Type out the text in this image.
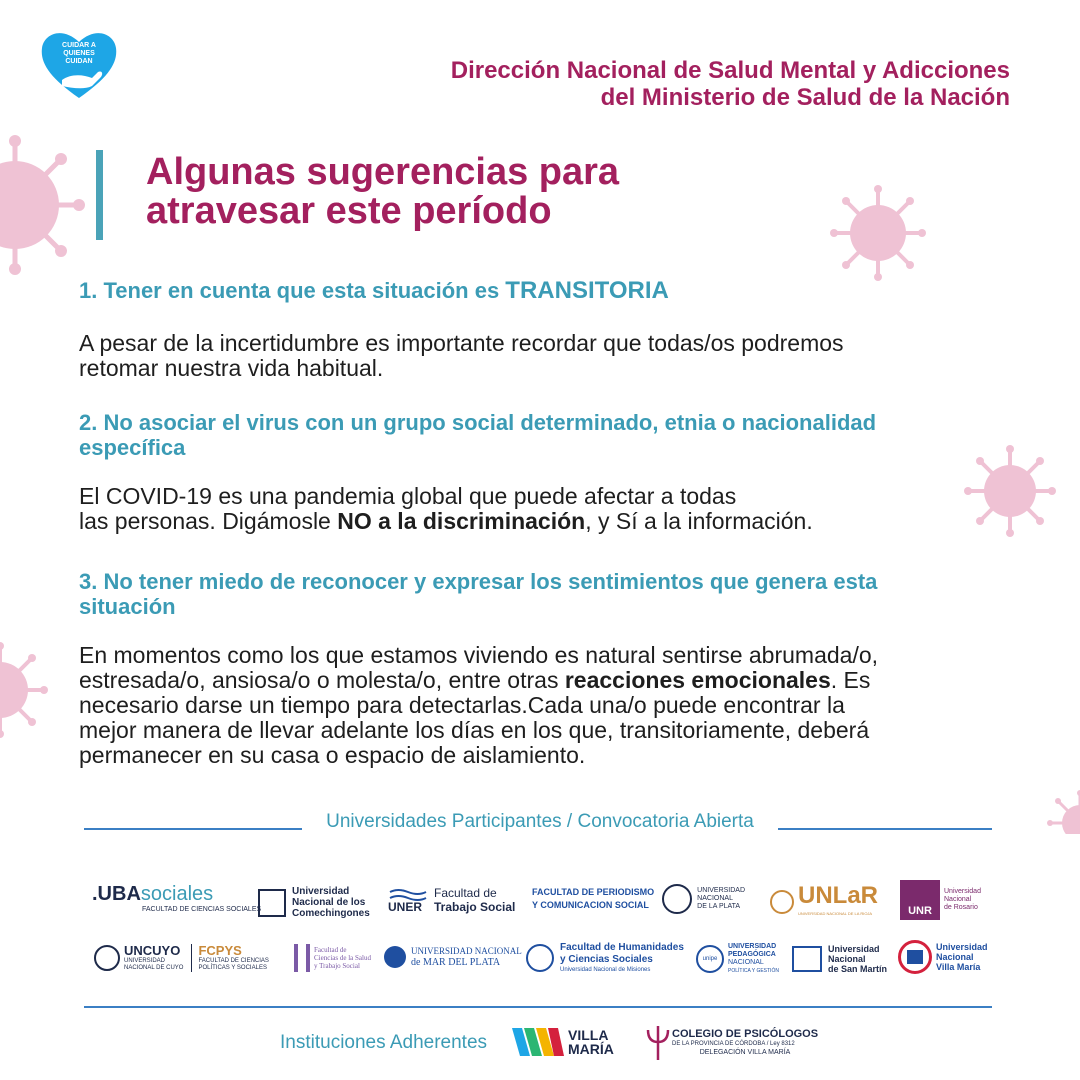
CUIDAR A QUIENES CUIDAN	Dirección Nacional de Salud Mental y Adicciones
del Ministerio de Salud de la Nación
Algunas sugerencias para
atravesar este período
1. Tener en cuenta que esta situación es TRANSITORIA
A pesar de la incertidumbre es importante recordar que todas/os podremos
retomar nuestra vida habitual.
2. No asociar el virus con un grupo social determinado, etnia o nacionalidad
específica
El COVID-19 es una pandemia global que puede afectar a todas
las personas. Digámosle NO a la discriminación, y Sí a la información.
3. No tener miedo de reconocer y expresar los sentimientos que genera esta
situación
En momentos como los que estamos viviendo es natural sentirse abrumada/o,
estresada/o, ansiosa/o o molesta/o, entre otras reacciones emocionales. Es
necesario darse un tiempo para detectarlas.Cada una/o puede encontrar la
mejor manera de llevar adelante los días en los que, transitoriamente, deberá
permanecer en su casa o espacio de aislamiento.
Universidades Participantes / Convocatoria Abierta
.UBAsociales
FACULTAD DE CIENCIAS SOCIALES
Universidad
Nacional de los
Comechingones UNER
Facultad de
Trabajo Social
FACULTAD DE PERIODISMO
Y COMUNICACION SOCIAL
UNIVERSIDAD
NACIONAL
DE LA PLATA UNLaR
UNIVERSIDAD NACIONAL DE LA RIOJA	UNR
Universidad
Nacional
de Rosario
UNCUYO
UNIVERSIDAD
NACIONAL DE CUYO
FCPYS
FACULTAD DE CIENCIAS
POLÍTICAS Y SOCIALES
Facultad de
Ciencias de la Salud
y Trabajo Social
UNIVERSIDAD NACIONAL
de MAR DEL PLATA
Facultad de Humanidades
y Ciencias Sociales
Universidad Nacional de Misiones
unipe
UNIVERSIDAD
PEDAGÓGICA
NACIONAL
POLÍTICA Y GESTIÓN
Universidad
Nacional
de San Martín
Universidad
Nacional
Villa María
Instituciones Adherentes	VILLA
MARÍA
COLEGIO DE PSICÓLOGOS
DE LA PROVINCIA DE CÓRDOBA / Ley 8312
DELEGACIÓN VILLA MARÍA
